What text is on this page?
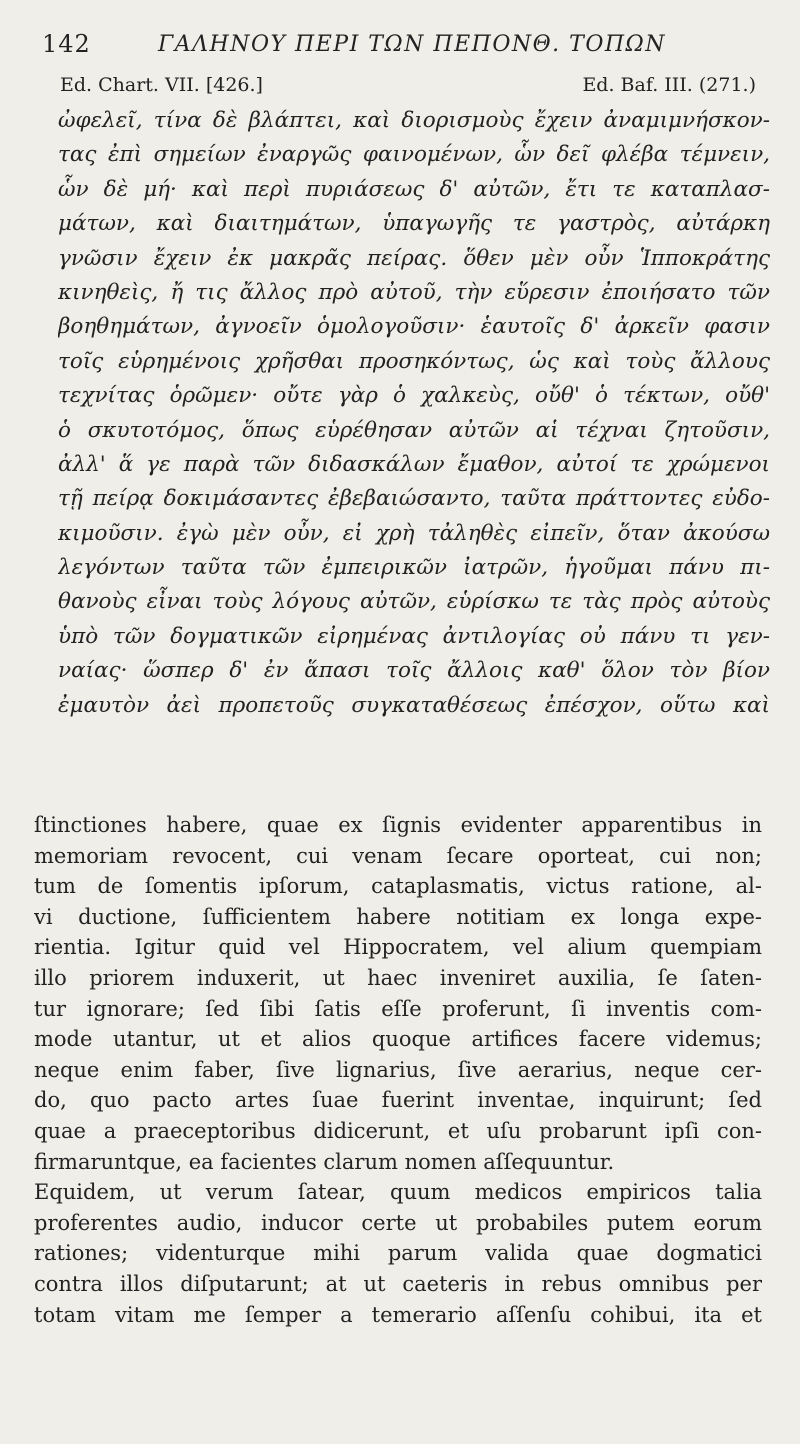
142	ΓΑΛΗΝΟΥ ΠΕΡΙ ΤΩΝ ΠΕΠΟΝΘ. ΤΟΠΩΝ
Ed. Chart. VII. [426.]	Ed. Baf. III. (271.)
ὠφελεῖ, τίνα δὲ βλάπτει, καὶ διορισμοὺς ἔχειν ἀναμιμνήσκον-
τας ἐπὶ σημείων ἐναργῶς φαινομένων, ὧν δεῖ φλέβα τέμνειν,
ὧν δὲ μή· καὶ περὶ πυριάσεως δ' αὐτῶν, ἔτι τε καταπλασ-
μάτων, καὶ διαιτημάτων, ὑπαγωγῆς τε γαστρὸς, αὐτάρκη
γνῶσιν ἔχειν ἐκ μακρᾶς πείρας. ὅθεν μὲν οὖν Ἱπποκράτης
κινηθεὶς, ἤ τις ἄλλος πρὸ αὐτοῦ, τὴν εὕρεσιν ἐποιήσατο τῶν
βοηθημάτων, ἀγνοεῖν ὁμολογοῦσιν· ἑαυτοῖς δ' ἀρκεῖν φασιν
τοῖς εὑρημένοις χρῆσθαι προσηκόντως, ὡς καὶ τοὺς ἄλλους
τεχνίτας ὁρῶμεν· οὔτε γὰρ ὁ χαλκεὺς, οὔθ' ὁ τέκτων, οὔθ'
ὁ σκυτοτόμος, ὅπως εὑρέθησαν αὐτῶν αἱ τέχναι ζητοῦσιν,
ἀλλ' ἅ γε παρὰ τῶν διδασκάλων ἔμαθον, αὐτοί τε χρώμενοι
τῇ πείρᾳ δοκιμάσαντες ἐβεβαιώσαντο, ταῦτα πράττοντες εὐδο-
κιμοῦσιν. ἐγὼ μὲν οὖν, εἰ χρὴ τἀληθὲς εἰπεῖν, ὅταν ἀκούσω
λεγόντων ταῦτα τῶν ἐμπειρικῶν ἰατρῶν, ἡγοῦμαι πάνυ πι-
θανοὺς εἶναι τοὺς λόγους αὐτῶν, εὑρίσκω τε τὰς πρὸς αὐτοὺς
ὑπὸ τῶν δογματικῶν εἰρημένας ἀντιλογίας οὐ πάνυ τι γεν-
ναίας· ὥσπερ δ' ἐν ἅπασι τοῖς ἄλλοις καθ' ὅλον τὸν βίον
ἐμαυτὸν ἀεὶ προπετοῦς συγκαταθέσεως ἐπέσχον, οὕτω καὶ
ſtinctiones habere, quae ex ſignis evidenter apparentibus in
memoriam revocent, cui venam ſecare oporteat, cui non;
tum de ſomentis ipſorum, cataplasmatis, victus ratione, al-
vi ductione, ſufficientem habere notitiam ex longa expe-
rientia. Igitur quid vel Hippocratem, vel alium quempiam
illo priorem induxerit, ut haec inveniret auxilia, ſe ſaten-
tur ignorare; ſed ſibi ſatis eſſe proferunt, ſi inventis com-
mode utantur, ut et alios quoque artifices facere videmus;
neque enim faber, ſive lignarius, ſive aerarius, neque cer-
do, quo pacto artes ſuae fuerint inventae, inquirunt; ſed
quae a praeceptoribus didicerunt, et uſu probarunt ipſi con-
firmaruntque, ea facientes clarum nomen aſſequuntur.
Equidem, ut verum ſatear, quum medicos empiricos talia
proferentes audio, inducor certe ut probabiles putem eorum
rationes; videnturque mihi parum valida quae dogmatici
contra illos diſputarunt; at ut caeteris in rebus omnibus per
totam vitam me ſemper a temerario aſſenſu cohibui, ita et
